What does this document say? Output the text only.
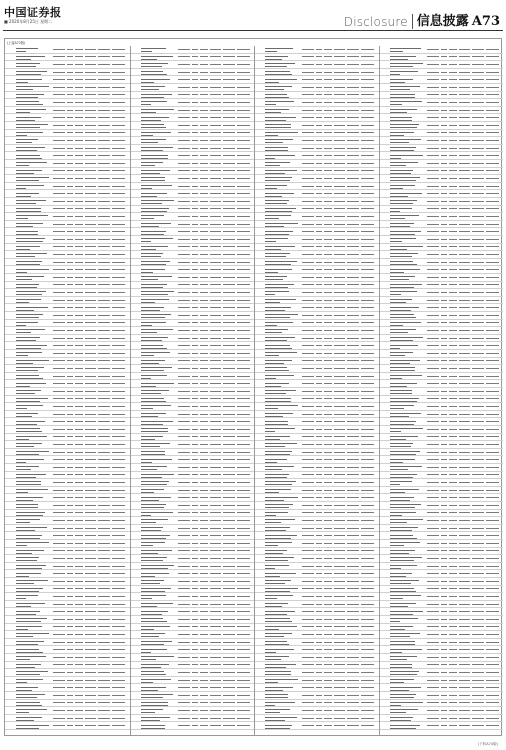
中国证券报
■ 2020年8月25日 星期二	Disclosure 信息披露 A73
(上接A72版)
(下转A74版)
